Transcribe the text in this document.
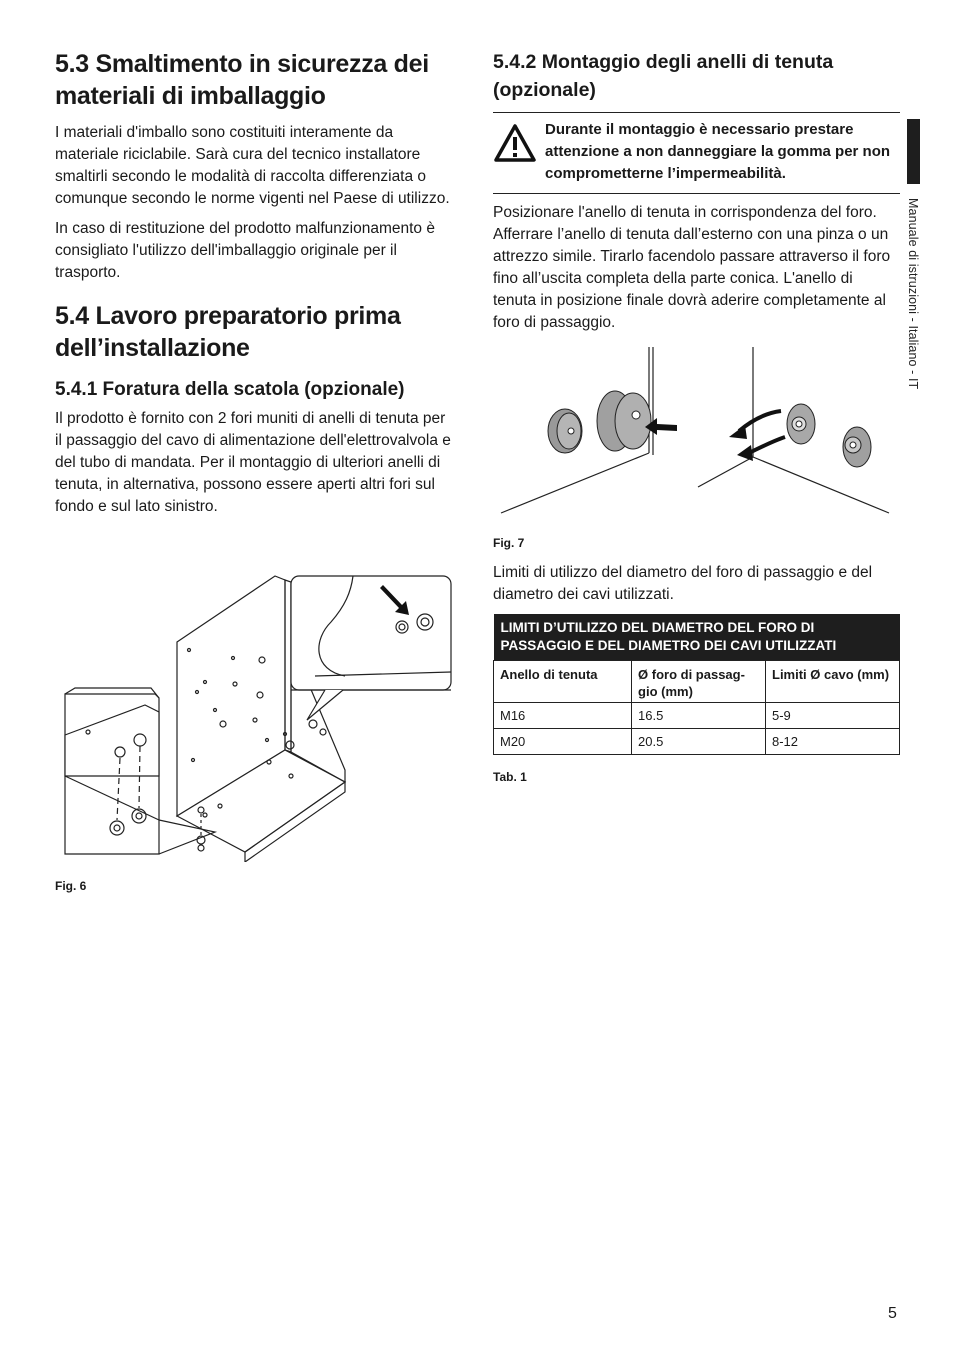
5.3 Smaltimento in sicurezza dei materiali di imballaggio

I materiali d'imballo sono costituiti interamente da materiale riciclabile. Sarà cura del tecnico installatore smaltirli secondo le modalità di raccolta differenziata o comunque secondo le norme vigenti nel Paese di utilizzo.

In caso di restituzione del prodotto malfunzionamento è consigliato l'utilizzo dell'imballaggio originale per il trasporto.

5.4 Lavoro preparatorio prima dell’installazione
5.4.1 Foratura della scatola (opzionale)

Il prodotto è fornito con 2 fori muniti di anelli di tenuta per il passaggio del cavo di alimentazione dell'elettrovalvola e del tubo di mandata. Per il montaggio di ulteriori anelli di tenuta, in alternativa, possono essere aperti altri fori sul fondo e sul lato sinistro.

Fig. 6

5.4.2 Montaggio degli anelli di tenuta (opzionale)
Durante il montaggio è necessario prestare attenzione a non danneggiare la gomma per non comprometterne l’impermeabilità.

Posizionare l'anello di tenuta in corrispondenza del foro. Afferrare l’anello di tenuta dall’esterno con una pinza o un attrezzo simile. Tirarlo facendolo passare attraverso il foro fino all’uscita completa della parte conica. L'anello di tenuta in posizione finale dovrà aderire completamente al foro di passaggio.

Fig. 7

Limiti di utilizzo del diametro del foro di passaggio e del diametro dei cavi utilizzati.

LIMITI D’UTILIZZO DEL DIAMETRO DEL FORO DI PASSAGGIO E DEL DIAMETRO DEI CAVI UTILIZZATI		
Anello di tenuta	Ø foro di passag-gio (mm)	Limiti Ø cavo (mm)
M16	16.5	5-9
M20	20.5	8-12

Tab. 1

Manuale di istruzioni - Italiano - IT
5
